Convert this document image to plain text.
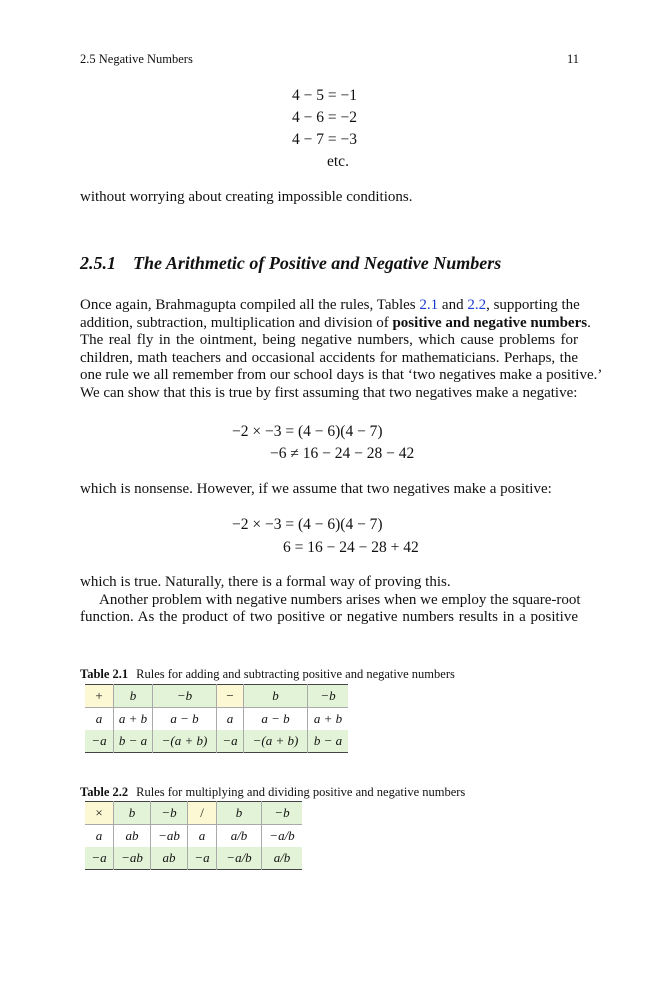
2.5 Negative Numbers	11
4 − 5 = −1
4 − 6 = −2
4 − 7 = −3
etc.
without worrying about creating impossible conditions.
2.5.1 The Arithmetic of Positive and Negative Numbers
Once again, Brahmagupta compiled all the rules, Tables 2.1 and 2.2, supporting the
addition, subtraction, multiplication and division of positive and negative numbers.
The real fly in the ointment, being negative numbers, which cause problems for
children, math teachers and occasional accidents for mathematicians. Perhaps, the
one rule we all remember from our school days is that ‘two negatives make a positive.’
We can show that this is true by first assuming that two negatives make a negative:
−2 × −3 = (4 − 6)(4 − 7)
−6 ≠ 16 − 24 − 28 − 42
which is nonsense. However, if we assume that two negatives make a positive:
−2 × −3 = (4 − 6)(4 − 7)
6 = 16 − 24 − 28 + 42
which is true. Naturally, there is a formal way of proving this.
Another problem with negative numbers arises when we employ the square-root
function. As the product of two positive or negative numbers results in a positive
Table 2.1 Rules for adding and subtracting positive and negative numbers
+	b	−b	−	b	−b
a	a + b	a − b	a	a − b	a + b
−a	b − a	−(a + b)	−a	−(a + b)	b − a
Table 2.2 Rules for multiplying and dividing positive and negative numbers
×	b	−b	/	b	−b
a	ab	−ab	a	a/b	−a/b
−a	−ab	ab	−a	−a/b	a/b
